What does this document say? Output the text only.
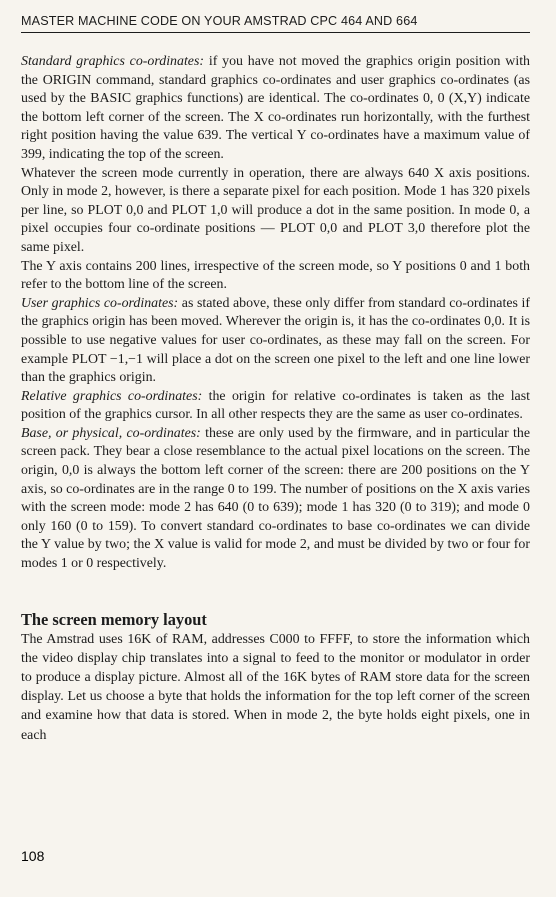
MASTER MACHINE CODE ON YOUR AMSTRAD CPC 464 AND 664

Standard graphics co-ordinates: if you have not moved the graphics origin position with the ORIGIN command, standard graphics co-ordinates and user graphics co-ordinates (as used by the BASIC graphics functions) are identical. The co-ordinates 0, 0 (X,Y) indicate the bottom left corner of the screen. The X co-ordinates run horizontally, with the furthest right position having the value 639. The vertical Y co-ordinates have a maximum value of 399, indicating the top of the screen.

Whatever the screen mode currently in operation, there are always 640 X axis positions. Only in mode 2, however, is there a separate pixel for each position. Mode 1 has 320 pixels per line, so PLOT 0,0 and PLOT 1,0 will produce a dot in the same position. In mode 0, a pixel occupies four co-ordinate positions — PLOT 0,0 and PLOT 3,0 therefore plot the same pixel.

The Y axis contains 200 lines, irrespective of the screen mode, so Y positions 0 and 1 both refer to the bottom line of the screen.

User graphics co-ordinates: as stated above, these only differ from standard co-ordinates if the graphics origin has been moved. Wherever the origin is, it has the co-ordinates 0,0. It is possible to use negative values for user co-ordinates, as these may fall on the screen. For example PLOT −1,−1 will place a dot on the screen one pixel to the left and one line lower than the graphics origin.

Relative graphics co-ordinates: the origin for relative co-ordinates is taken as the last position of the graphics cursor. In all other respects they are the same as user co-ordinates.

Base, or physical, co-ordinates: these are only used by the firmware, and in particular the screen pack. They bear a close resemblance to the actual pixel locations on the screen. The origin, 0,0 is always the bottom left corner of the screen: there are 200 positions on the Y axis, so co-ordinates are in the range 0 to 199. The number of positions on the X axis varies with the screen mode: mode 2 has 640 (0 to 639); mode 1 has 320 (0 to 319); and mode 0 only 160 (0 to 159). To convert standard co-ordinates to base co-ordinates we can divide the Y value by two; the X value is valid for mode 2, and must be divided by two or four for modes 1 or 0 respectively.

The screen memory layout

The Amstrad uses 16K of RAM, addresses C000 to FFFF, to store the information which the video display chip translates into a signal to feed to the monitor or modulator in order to produce a display picture. Almost all of the 16K bytes of RAM store data for the screen display. Let us choose a byte that holds the information for the top left corner of the screen and examine how that data is stored. When in mode 2, the byte holds eight pixels, one in each

108
